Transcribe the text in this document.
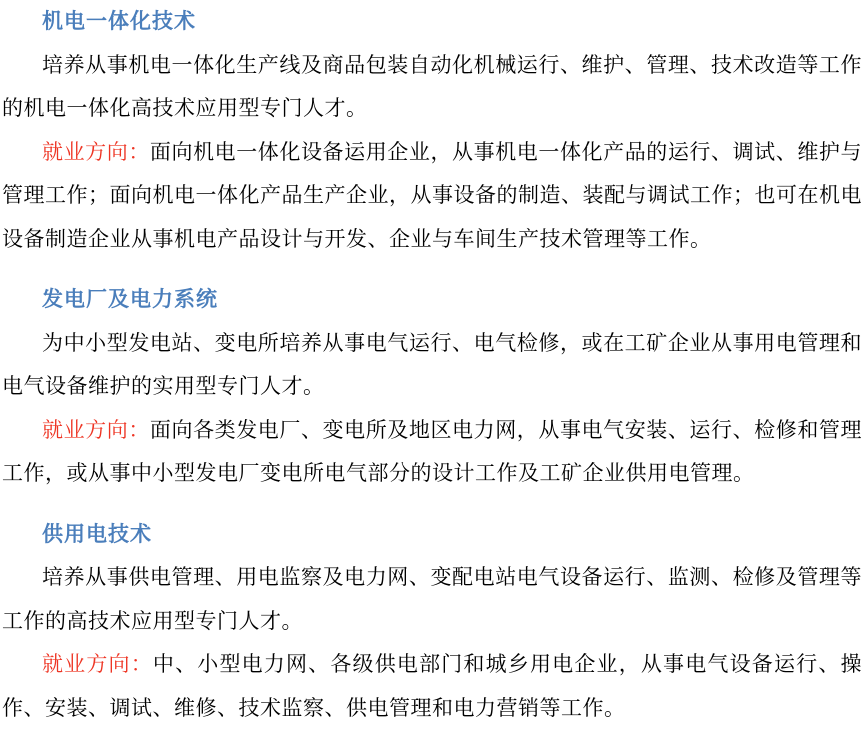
机电一体化技术

培养从事机电一体化生产线及商品包装自动化机械运行、维护、管理、技术改造等工作的机电一体化高技术应用型专门人才。

就业方向：面向机电一体化设备运用企业，从事机电一体化产品的运行、调试、维护与管理工作；面向机电一体化产品生产企业，从事设备的制造、装配与调试工作；也可在机电设备制造企业从事机电产品设计与开发、企业与车间生产技术管理等工作。

发电厂及电力系统

为中小型发电站、变电所培养从事电气运行、电气检修，或在工矿企业从事用电管理和电气设备维护的实用型专门人才。

就业方向：面向各类发电厂、变电所及地区电力网，从事电气安装、运行、检修和管理工作，或从事中小型发电厂变电所电气部分的设计工作及工矿企业供用电管理。

供用电技术

培养从事供电管理、用电监察及电力网、变配电站电气设备运行、监测、检修及管理等工作的高技术应用型专门人才。

就业方向：中、小型电力网、各级供电部门和城乡用电企业，从事电气设备运行、操作、安装、调试、维修、技术监察、供电管理和电力营销等工作。
